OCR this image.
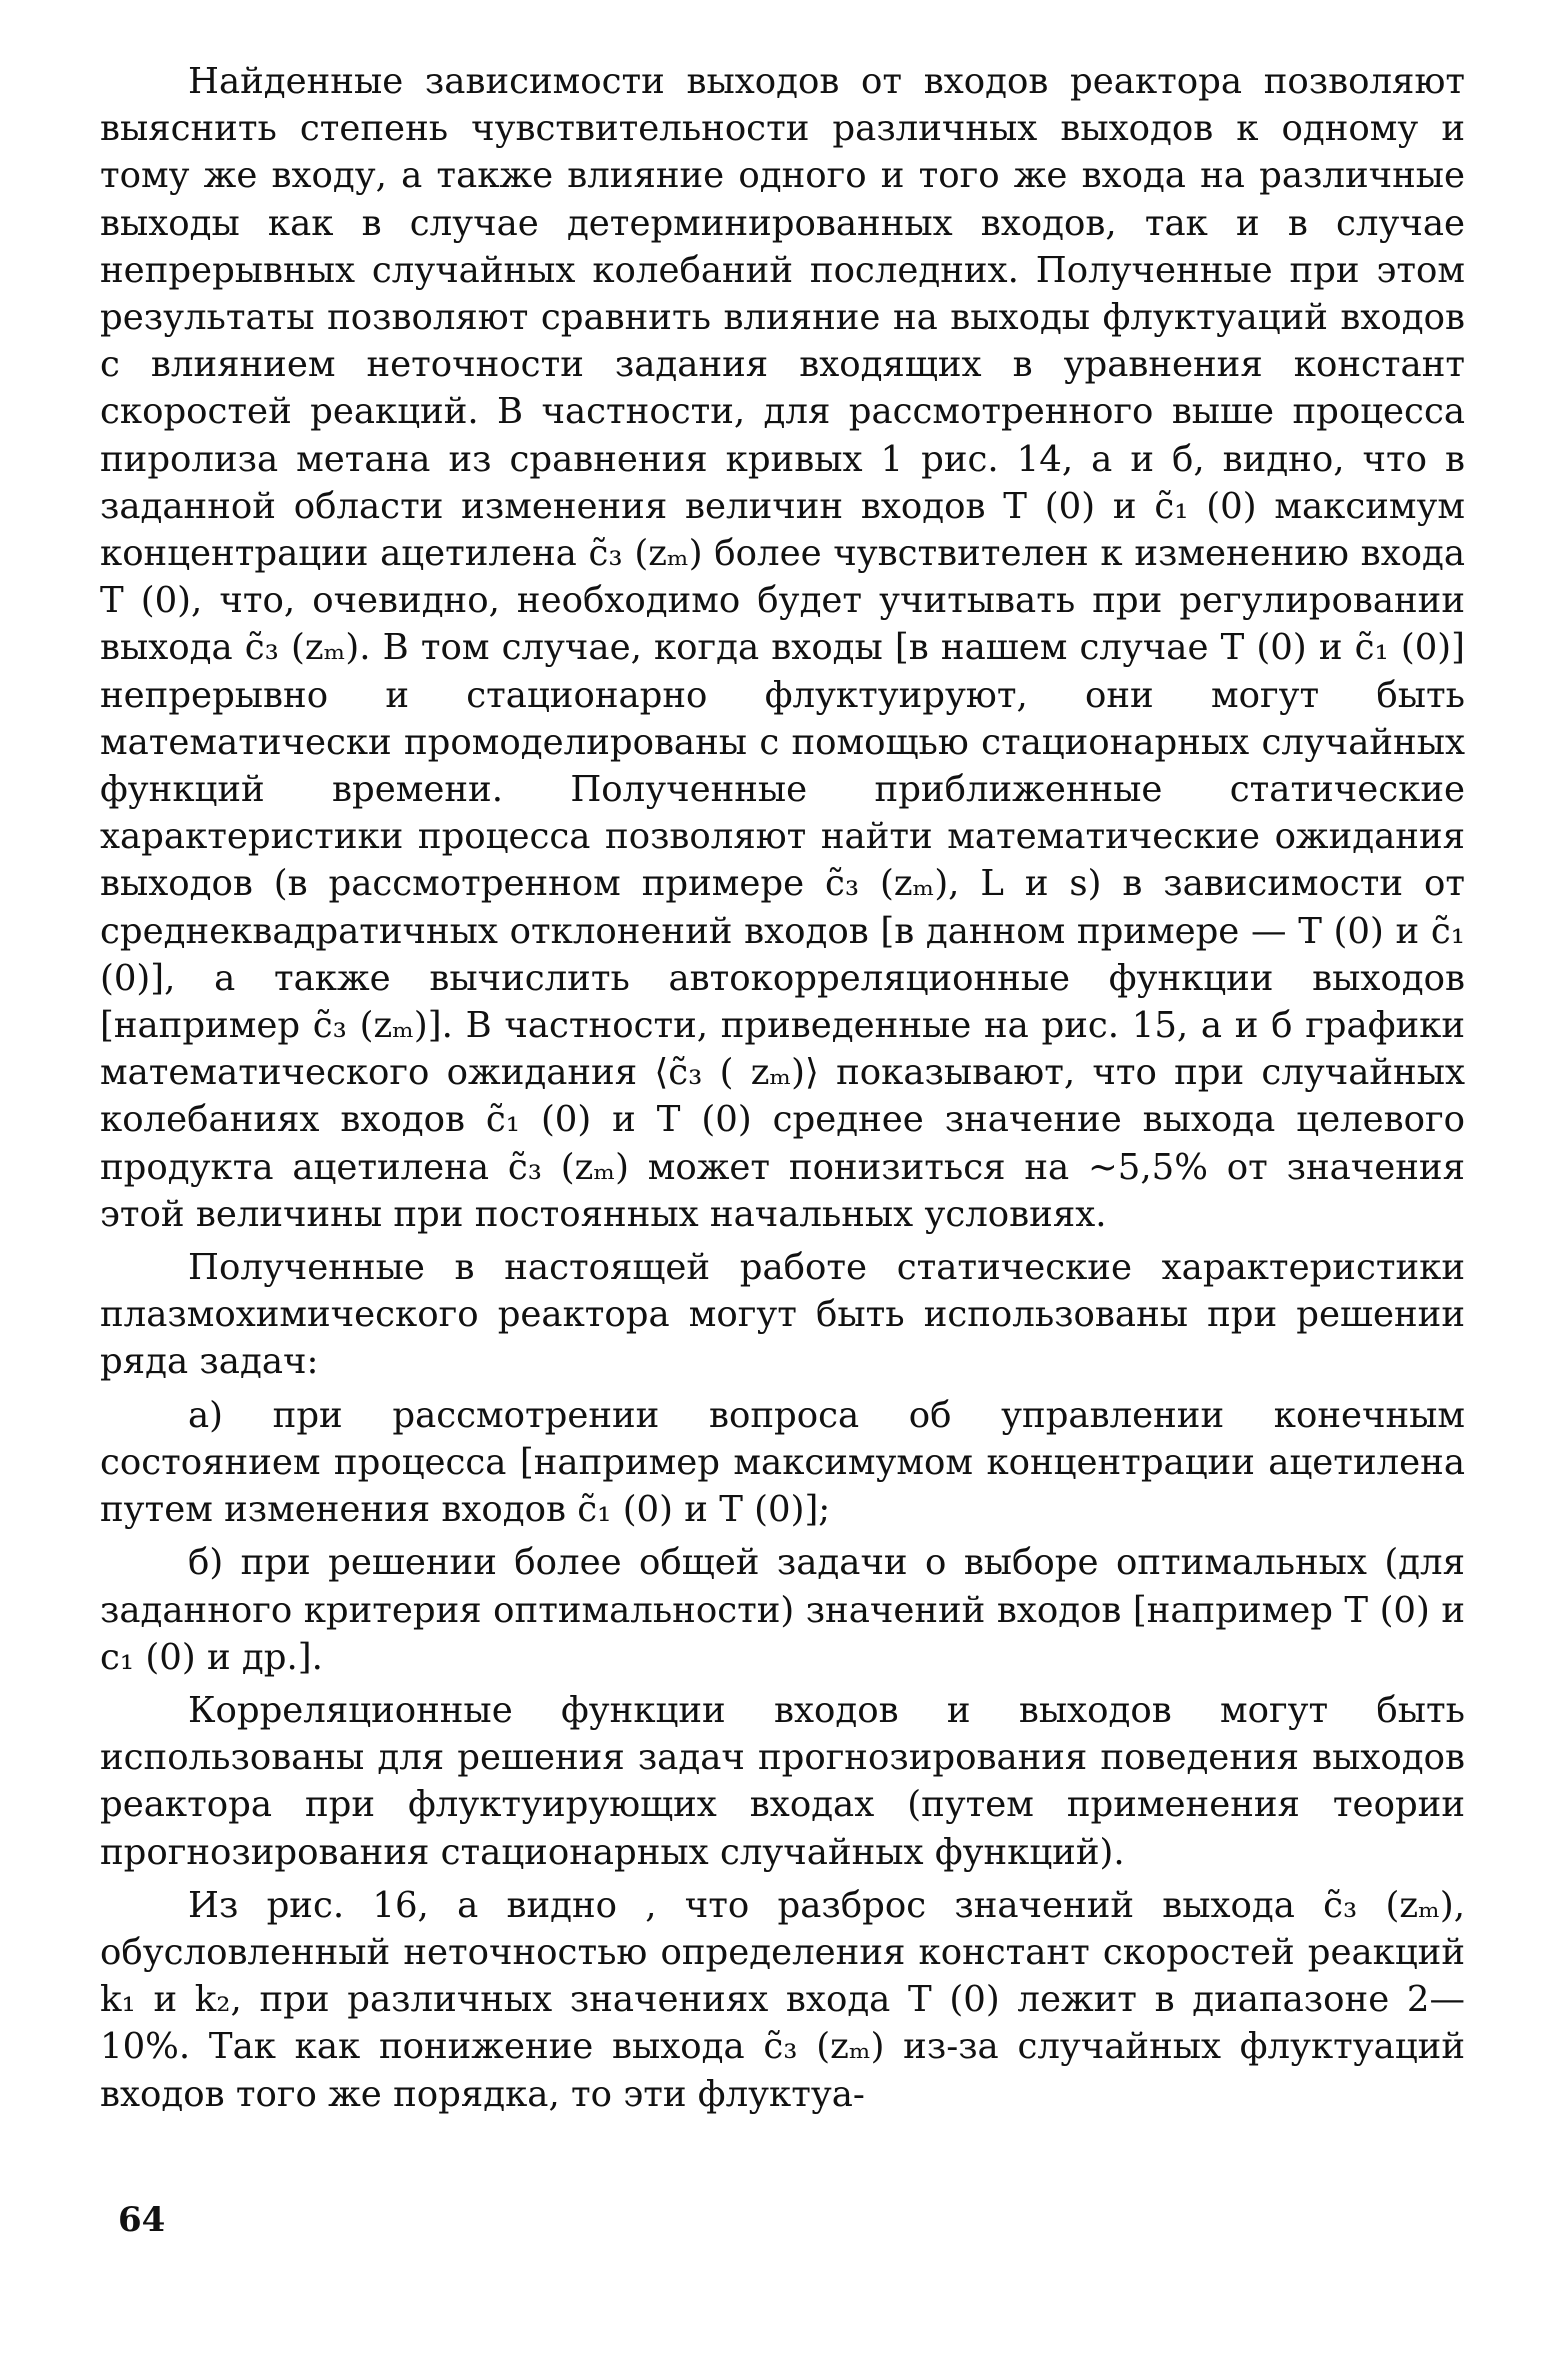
Найденные зависимости выходов от входов реактора позволяют выяснить степень чувствительности различных выходов к одному и тому же входу, а также влияние одного и того же входа на различные выходы как в случае детерминированных входов, так и в случае непрерывных случайных колебаний последних. Полученные при этом результаты позволяют сравнить влияние на выходы флуктуаций входов с влиянием неточности задания входящих в уравнения констант скоростей реакций. В частности, для рассмотренного выше процесса пиролиза метана из сравнения кривых 1 рис. 14, а и б, видно, что в заданной области изменения величин входов T (0) и c̃₁ (0) максимум концентрации ацетилена c̃₃ (zₘ) более чувствителен к изменению входа T (0), что, очевидно, необходимо будет учитывать при регулировании выхода c̃₃ (zₘ). В том случае, когда входы [в нашем случае T (0) и c̃₁ (0)] непрерывно и стационарно флуктуируют, они могут быть математически промоделированы с помощью стационарных случайных функций времени. Полученные приближенные статические характеристики процесса позволяют найти математические ожидания выходов (в рассмотренном примере c̃₃ (zₘ), L и s) в зависимости от среднеквадратичных отклонений входов [в данном примере — T (0) и c̃₁ (0)], а также вычислить автокорреляционные функции выходов [например c̃₃ (zₘ)]. В частности, приведенные на рис. 15, а и б графики математического ожидания ⟨c̃₃ ( zₘ)⟩ показывают, что при случайных колебаниях входов c̃₁ (0) и T (0) среднее значение выхода целевого продукта ацетилена c̃₃ (zₘ) может понизиться на ~5,5% от значения этой величины при постоянных начальных условиях.

Полученные в настоящей работе статические характеристики плазмохимического реактора могут быть использованы при решении ряда задач:

а) при рассмотрении вопроса об управлении конечным состоянием процесса [например максимумом концентрации ацетилена путем изменения входов c̃₁ (0) и T (0)];

б) при решении более общей задачи о выборе оптимальных (для заданного критерия оптимальности) значений входов [например T (0) и c₁ (0) и др.].

Корреляционные функции входов и выходов могут быть использованы для решения задач прогнозирования поведения выходов реактора при флуктуирующих входах (путем применения теории прогнозирования стационарных случайных функций).

Из рис. 16, а видно , что разброс значений выхода c̃₃ (zₘ), обусловленный неточностью определения констант скоростей реакций k₁ и k₂, при различных значениях входа T (0) лежит в диапазоне 2—10%. Так как понижение выхода c̃₃ (zₘ) из-за случайных флуктуаций входов того же порядка, то эти флуктуа-

64
